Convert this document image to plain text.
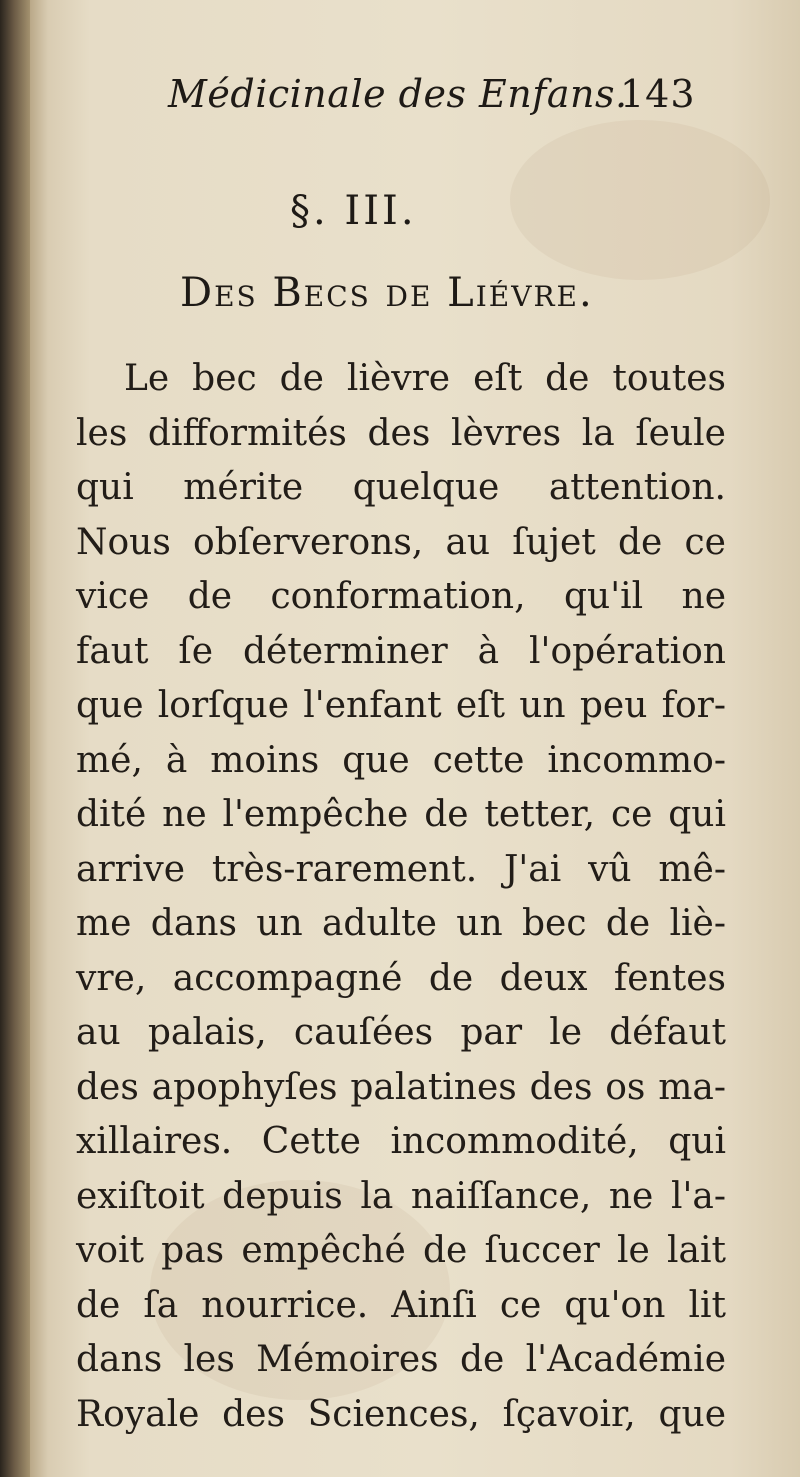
Médicinale des Enfans.
143
§. III.
Des Becs de Liévre.
Le bec de lièvre eſt de toutes
les difformités des lèvres la ſeule
qui mérite quelque attention.
Nous obſerverons, au ſujet de ce
vice de conformation, qu'il ne
faut ſe déterminer à l'opération
que lorſque l'enfant eſt un peu for-
mé, à moins que cette incommo-
dité ne l'empêche de tetter, ce qui
arrive très-rarement. J'ai vû mê-
me dans un adulte un bec de liè-
vre, accompagné de deux fentes
au palais, cauſées par le défaut
des apophyſes palatines des os ma-
xillaires. Cette incommodité, qui
exiſtoit depuis la naiſſance, ne l'a-
voit pas empêché de ſuccer le lait
de ſa nourrice. Ainſi ce qu'on lit
dans les Mémoires de l'Académie
Royale des Sciences, ſçavoir, que
